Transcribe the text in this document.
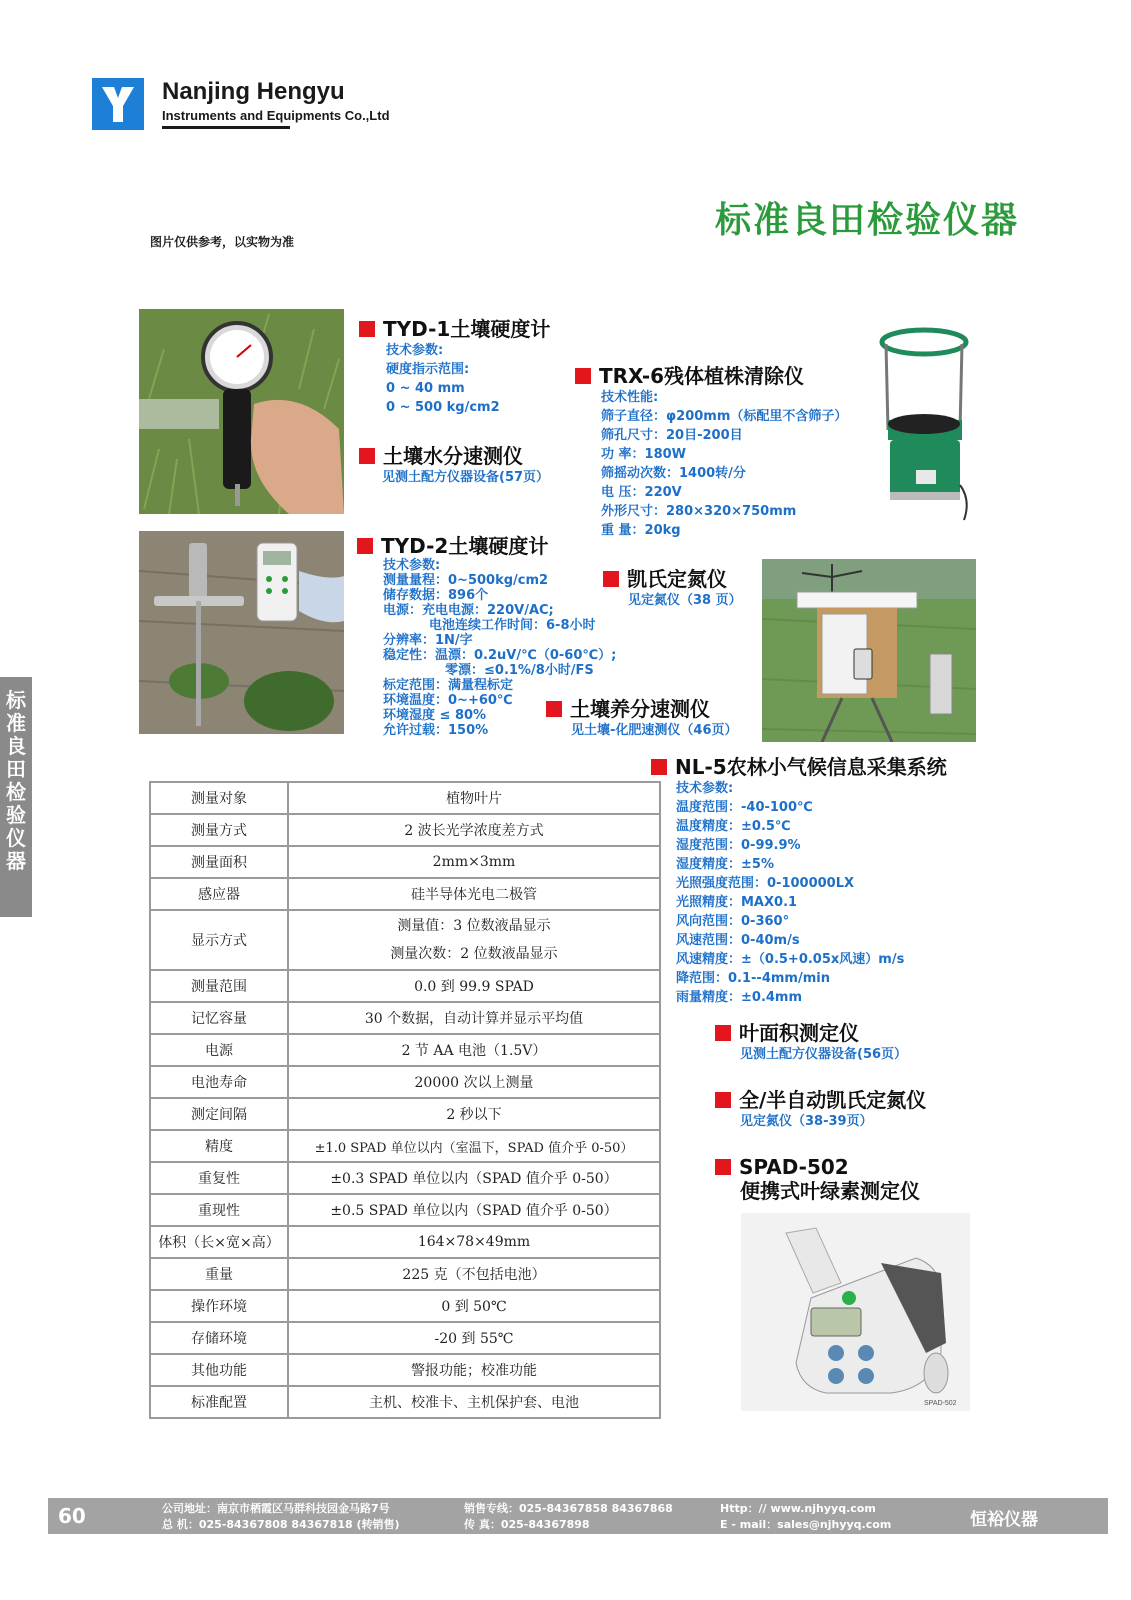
Nanjing Hengyu
Instruments and Equipments Co.,Ltd
标准良田检验仪器
图片仅供参考，以实物为准
标
准
良
田
检
验
仪
器
SPAD-502
TYD-1土壤硬度计
技术参数:
硬度指示范围:
0 ~ 40 mm
0 ~ 500 kg/cm2
土壤水分速测仪
见测土配方仪器设备(57页）
TRX-6残体植株清除仪
技术性能:
筛子直径：φ200mm（标配里不含筛子）
筛孔尺寸：20目-200目
功 率：180W
筛摇动次数：1400转/分
电 压：220V
外形尺寸：280×320×750mm
重 量：20kg
TYD-2土壤硬度计
技术参数:
测量量程：0~500kg/cm2
储存数据：896个
电源：充电电源：220V/AC;
电池连续工作时间：6-8小时
分辨率：1N/字
稳定性：温漂：0.2uV/℃（0-60℃）;
零漂：≤0.1%/8小时/FS
标定范围：满量程标定
环境温度：0~+60℃
环境湿度 ≤ 80%
允许过载：150%
凯氏定氮仪
见定氮仪（38 页）
土壤养分速测仪
见土壤-化肥速测仪（46页）
NL-5农林小气候信息采集系统
技术参数:
温度范围：-40-100℃
温度精度：±0.5℃
湿度范围：0-99.9%
湿度精度：±5%
光照强度范围：0-100000LX
光照精度：MAX0.1
风向范围：0-360°
风速范围：0-40m/s
风速精度：±（0.5+0.05x风速）m/s
降范围：0.1--4mm/min
雨量精度：±0.4mm
叶面积测定仪
见测土配方仪器设备(56页）
全/半自动凯氏定氮仪
见定氮仪（38-39页）
SPAD-502
便携式叶绿素测定仪
测量对象	植物叶片
测量方式	2 波长光学浓度差方式
测量面积	2mm×3mm
感应器	硅半导体光电二极管
显示方式	测量值：3 位数液晶显示
测量次数：2 位数液晶显示

测量范围	0.0 到 99.9 SPAD
记忆容量	30 个数据，自动计算并显示平均值
电源	2 节 AA 电池（1.5V）
电池寿命	20000 次以上测量
测定间隔	2 秒以下
精度	±1.0 SPAD 单位以内（室温下，SPAD 值介乎 0-50）
重复性	±0.3 SPAD 单位以内（SPAD 值介乎 0-50）
重现性	±0.5 SPAD 单位以内（SPAD 值介乎 0-50）
体积（长×宽×高）	164×78×49mm
重量	225 克（不包括电池）
操作环境	0 到 50℃
存储环境	-20 到 55℃
其他功能	警报功能；校准功能
标准配置	主机、校准卡、主机保护套、电池
60	公司地址：南京市栖霞区马群科技园金马路7号
总 机：025-84367808 84367818 (转销售)
销售专线：025-84367858 84367868
传 真：025-84367898
Http：// www.njhyyq.com
E - mail：sales@njhyyq.com	恒裕仪器
